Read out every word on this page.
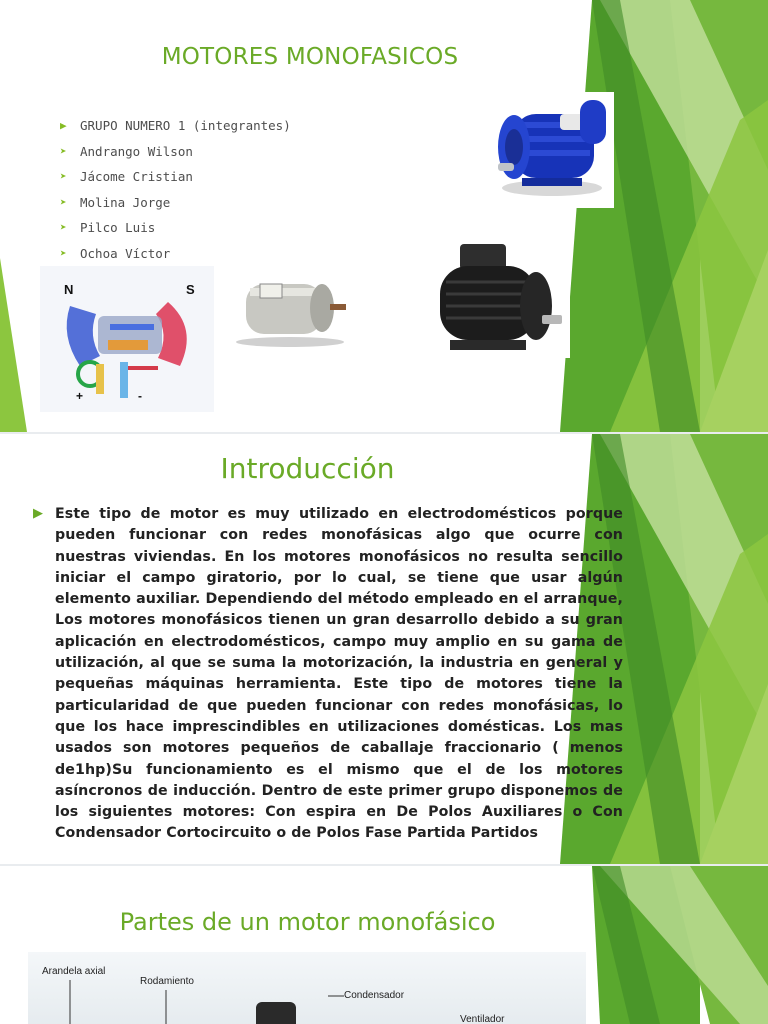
MOTORES MONOFASICOS
▶ GRUPO NUMERO 1 (integrantes)
➤ Andrango Wilson
➤ Jácome Cristian
➤ Molina Jorge
➤ Pilco Luis
➤ Ochoa Víctor
N	S
+	-
Introducción
▶ Este tipo de motor es muy utilizado en electrodomésticos porque pueden funcionar con redes monofásicas algo que ocurre con nuestras viviendas. En los motores monofásicos no resulta sencillo iniciar el campo giratorio, por lo cual, se tiene que usar algún elemento auxiliar. Dependiendo del método empleado en el arranque, Los motores monofásicos tienen un gran desarrollo debido a su gran aplicación en electrodomésticos, campo muy amplio en su gama de utilización, al que se suma la motorización, la industria en general y pequeñas máquinas herramienta. Este tipo de motores tiene la particularidad de que pueden funcionar con redes monofásicas, lo que los hace imprescindibles en utilizaciones domésticas. Los mas usados son motores pequeños de caballaje fraccionario ( menos de1hp)Su funcionamiento es el mismo que el de los motores asíncronos de inducción. Dentro de este primer grupo disponemos de los siguientes motores: Con espira en De Polos Auxiliares o Con Condensador Cortocircuito o de Polos Fase Partida Partidos

Partes de un motor monofásico
Arandela axial
Rodamiento
Condensador
Ventilador
